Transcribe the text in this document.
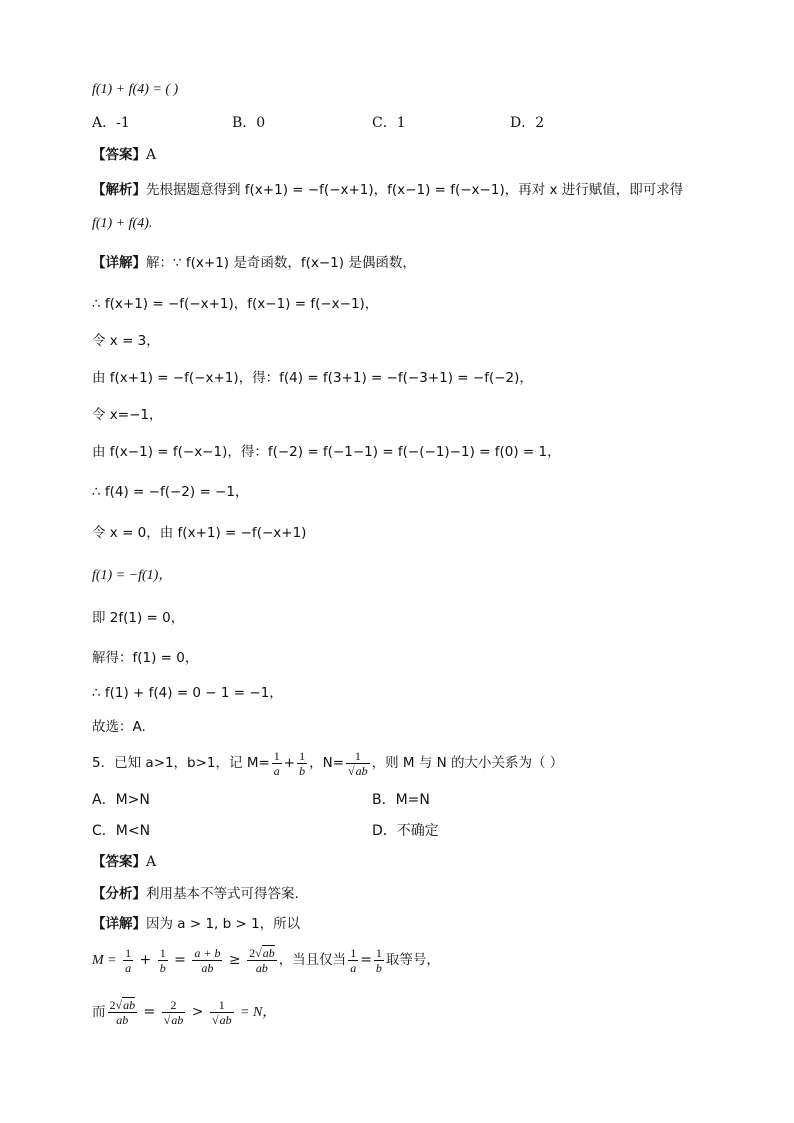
f(1) + f(4) = ( )
A．-1	B．0	C．1	D．2
【答案】A
【解析】先根据题意得到 f(x+1) = −f(−x+1)，f(x−1) = f(−x−1)，再对 x 进行赋值，即可求得
f(1) + f(4).
【详解】解：∵ f(x+1) 是奇函数，f(x−1) 是偶函数，
∴ f(x+1) = −f(−x+1)，f(x−1) = f(−x−1)，
令 x = 3，
由 f(x+1) = −f(−x+1)，得：f(4) = f(3+1) = −f(−3+1) = −f(−2)，
令 x=−1，
由 f(x−1) = f(−x−1)，得：f(−2) = f(−1−1) = f(−(−1)−1) = f(0) = 1，
∴ f(4) = −f(−2) = −1，
令 x = 0，由 f(x+1) = −f(−x+1)
f(1) = −f(1)，
即 2f(1) = 0，
解得：f(1) = 0，
∴ f(1) + f(4) = 0 − 1 = −1，
故选：A.
5．已知 a>1，b>1，记 $M= \frac{1}{a} + \frac{1}{b}$ ，$N= \frac{1}{√ab}$ ，则 M 与 N 的大小关系为（ ）
A．M>N	B．M=N
C．M<N	D．不确定
【答案】A
【分析】利用基本不等式可得答案.
【详解】因为 a > 1, b > 1，所以
$M = \frac{1}{a} + \frac{1}{b} = \frac{a + b}{ab} \ge \frac{2√ab}{ab}$ ，当且仅当 $\frac{1}{a} = \frac{1}{b}$ 取等号，
而 $\frac{2√ab}{ab} = \frac{2}{√ab} > \frac{1}{√ab} = N$，
